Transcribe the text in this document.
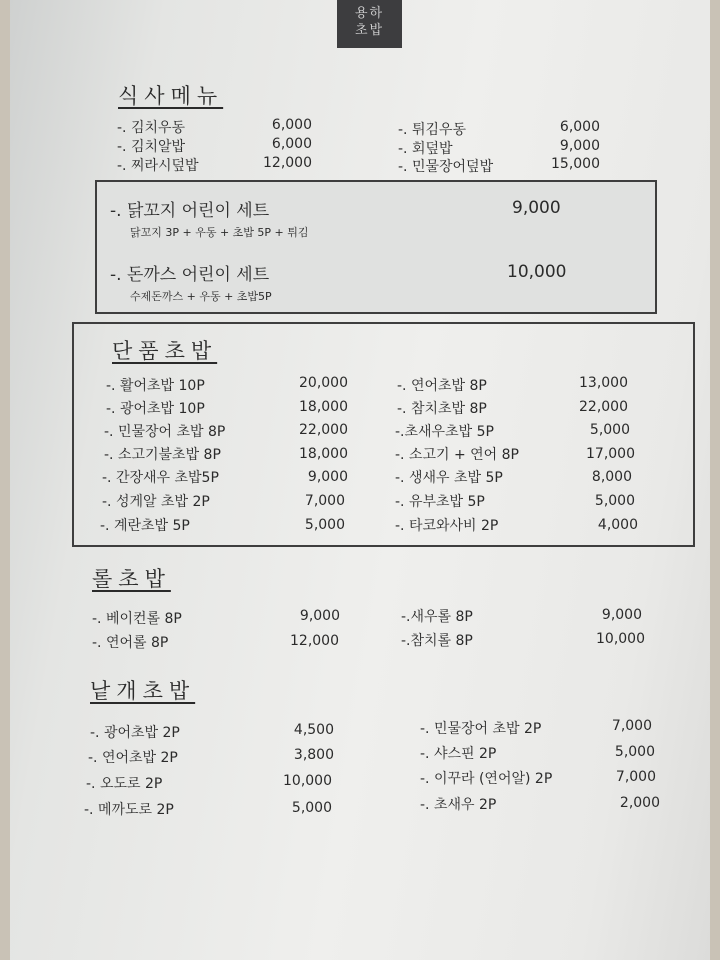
용하
초밥
식사메뉴
-. 김치우동	6,000
-. 김치알밥	6,000
-. 찌라시덮밥	12,000
-. 튀김우동	6,000
-. 회덮밥	9,000
-. 민물장어덮밥	15,000
-. 닭꼬지 어린이 세트	9,000
닭꼬지 3P + 우동 + 초밥 5P + 튀김
-. 돈까스 어린이 세트	10,000
수제돈까스 + 우동 + 초밥5P
단품초밥
-. 활어초밥 10P	20,000
-. 광어초밥 10P	18,000
-. 민물장어 초밥 8P	22,000
-. 소고기불초밥 8P	18,000
-. 간장새우 초밥5P	9,000
-. 성게알 초밥 2P	7,000
-. 계란초밥 5P	5,000
-. 연어초밥 8P	13,000
-. 참치초밥 8P	22,000
-.초새우초밥 5P	5,000
-. 소고기 + 연어 8P	17,000
-. 생새우 초밥 5P	8,000
-. 유부초밥 5P	5,000
-. 타코와사비 2P	4,000
롤초밥
-. 베이컨롤 8P	9,000
-. 연어롤 8P	12,000
-.새우롤 8P	9,000
-.참치롤 8P	10,000
낱개초밥
-. 광어초밥 2P	4,500
-. 연어초밥 2P	3,800
-. 오도로 2P	10,000
-. 메까도로 2P	5,000
-. 민물장어 초밥 2P	7,000
-. 샤스핀 2P	5,000
-. 이꾸라 (연어알) 2P	7,000
-. 초새우 2P	2,000
